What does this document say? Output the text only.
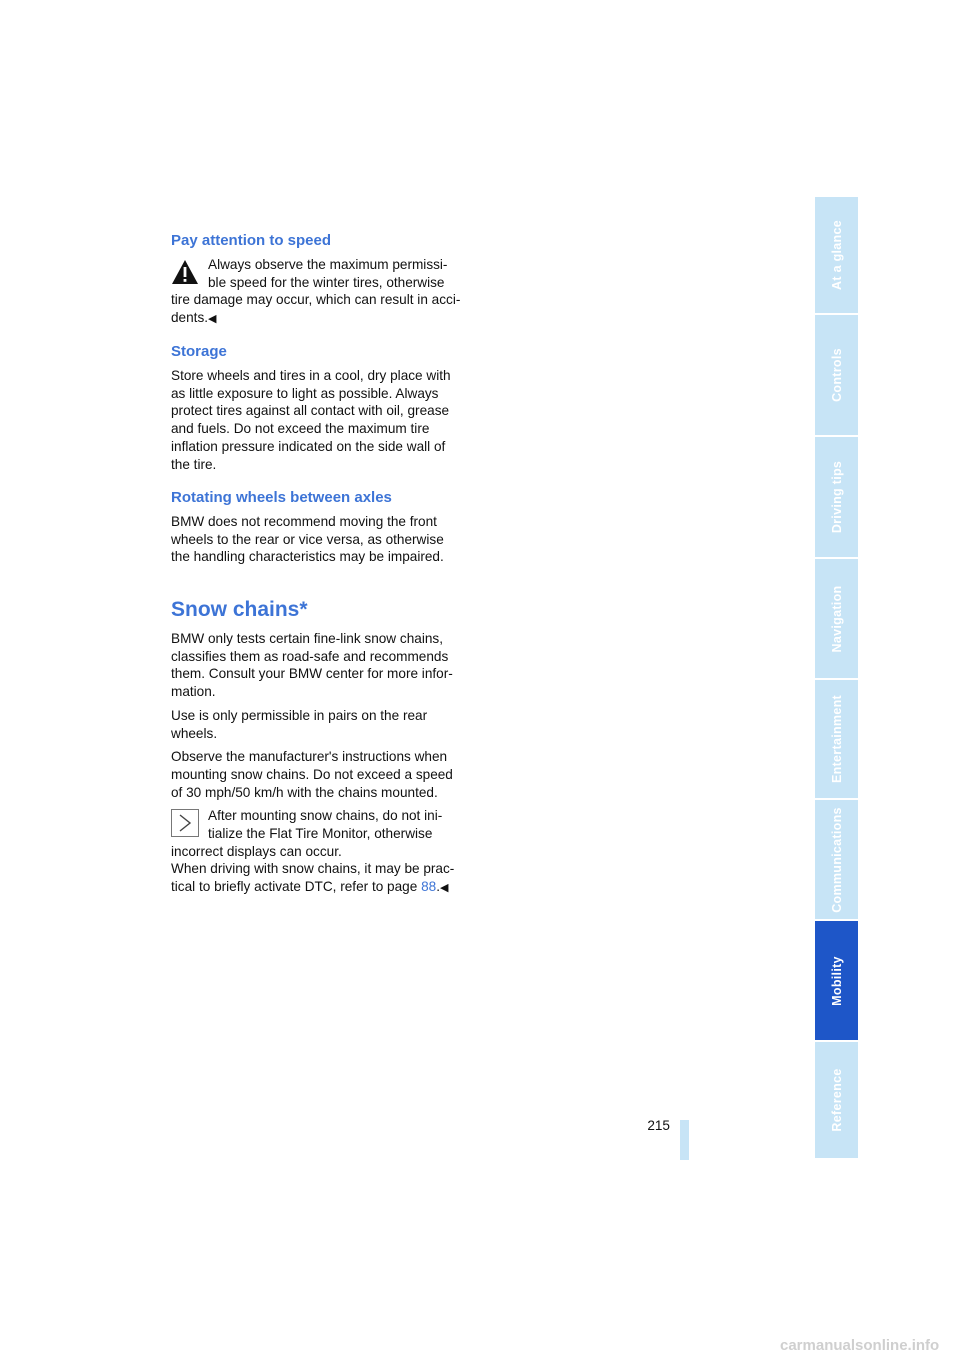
Pay attention to speed

Always observe the maximum permissi-ble speed for the winter tires, otherwise tire damage may occur, which can result in acci-dents.◀

Storage

Store wheels and tires in a cool, dry place with as little exposure to light as possible. Always protect tires against all contact with oil, grease and fuels. Do not exceed the maximum tire inflation pressure indicated on the side wall of the tire.

Rotating wheels between axles

BMW does not recommend moving the front wheels to the rear or vice versa, as otherwise the handling characteristics may be impaired.

Snow chains*

BMW only tests certain fine-link snow chains, classifies them as road-safe and recommends them. Consult your BMW center for more infor-mation.

Use is only permissible in pairs on the rear wheels.

Observe the manufacturer's instructions when mounting snow chains. Do not exceed a speed of 30 mph/50 km/h with the chains mounted.

After mounting snow chains, do not ini-tialize the Flat Tire Monitor, otherwise incorrect displays can occur.

When driving with snow chains, it may be prac-tical to briefly activate DTC, refer to page 88.◀

At a glance
Controls
Driving tips
Navigation
Entertainment
Communications
Mobility
Reference
215
carmanualsonline.info
